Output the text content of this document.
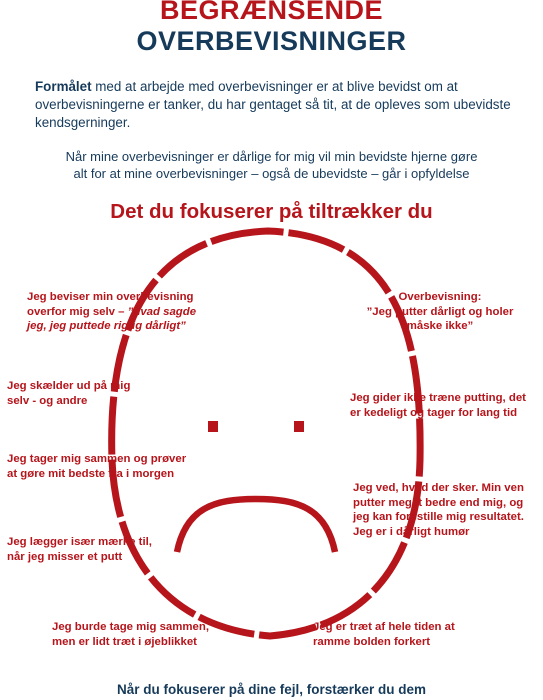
BEGRÆNSENDE
OVERBEVISNINGER
Formålet med at arbejde med overbevisninger er at blive bevidst om at overbevisningerne er tanker, du har gentaget så tit, at de opleves som ubevidste kendsgerninger.
Når mine overbevisninger er dårlige for mig vil min bevidste hjerne gøre
alt for at mine overbevisninger – også de ubevidste – går i opfyldelse
Det du fokuserer på tiltrækker du
Jeg beviser min overbevisning
overfor mig selv – ”hvad sagde
jeg, jeg puttede rigtig dårligt”
Jeg skælder ud på mig
selv - og andre
Jeg tager mig sammen og prøver
at gøre mit bedste fra i morgen
Jeg lægger især mærke til,
når jeg misser et putt
Jeg burde tage mig sammen,
men er lidt træt i øjeblikket
Overbevisning:
”Jeg putter dårligt og holer
måske ikke”
Jeg gider ikke træne putting, det
er kedeligt og tager for lang tid
Jeg ved, hvad der sker. Min ven
putter meget bedre end mig, og
jeg kan forestille mig resultatet.
Jeg er i dårligt humør
Jeg er træt af hele tiden at
ramme bolden forkert
Når du fokuserer på dine fejl, forstærker du dem
